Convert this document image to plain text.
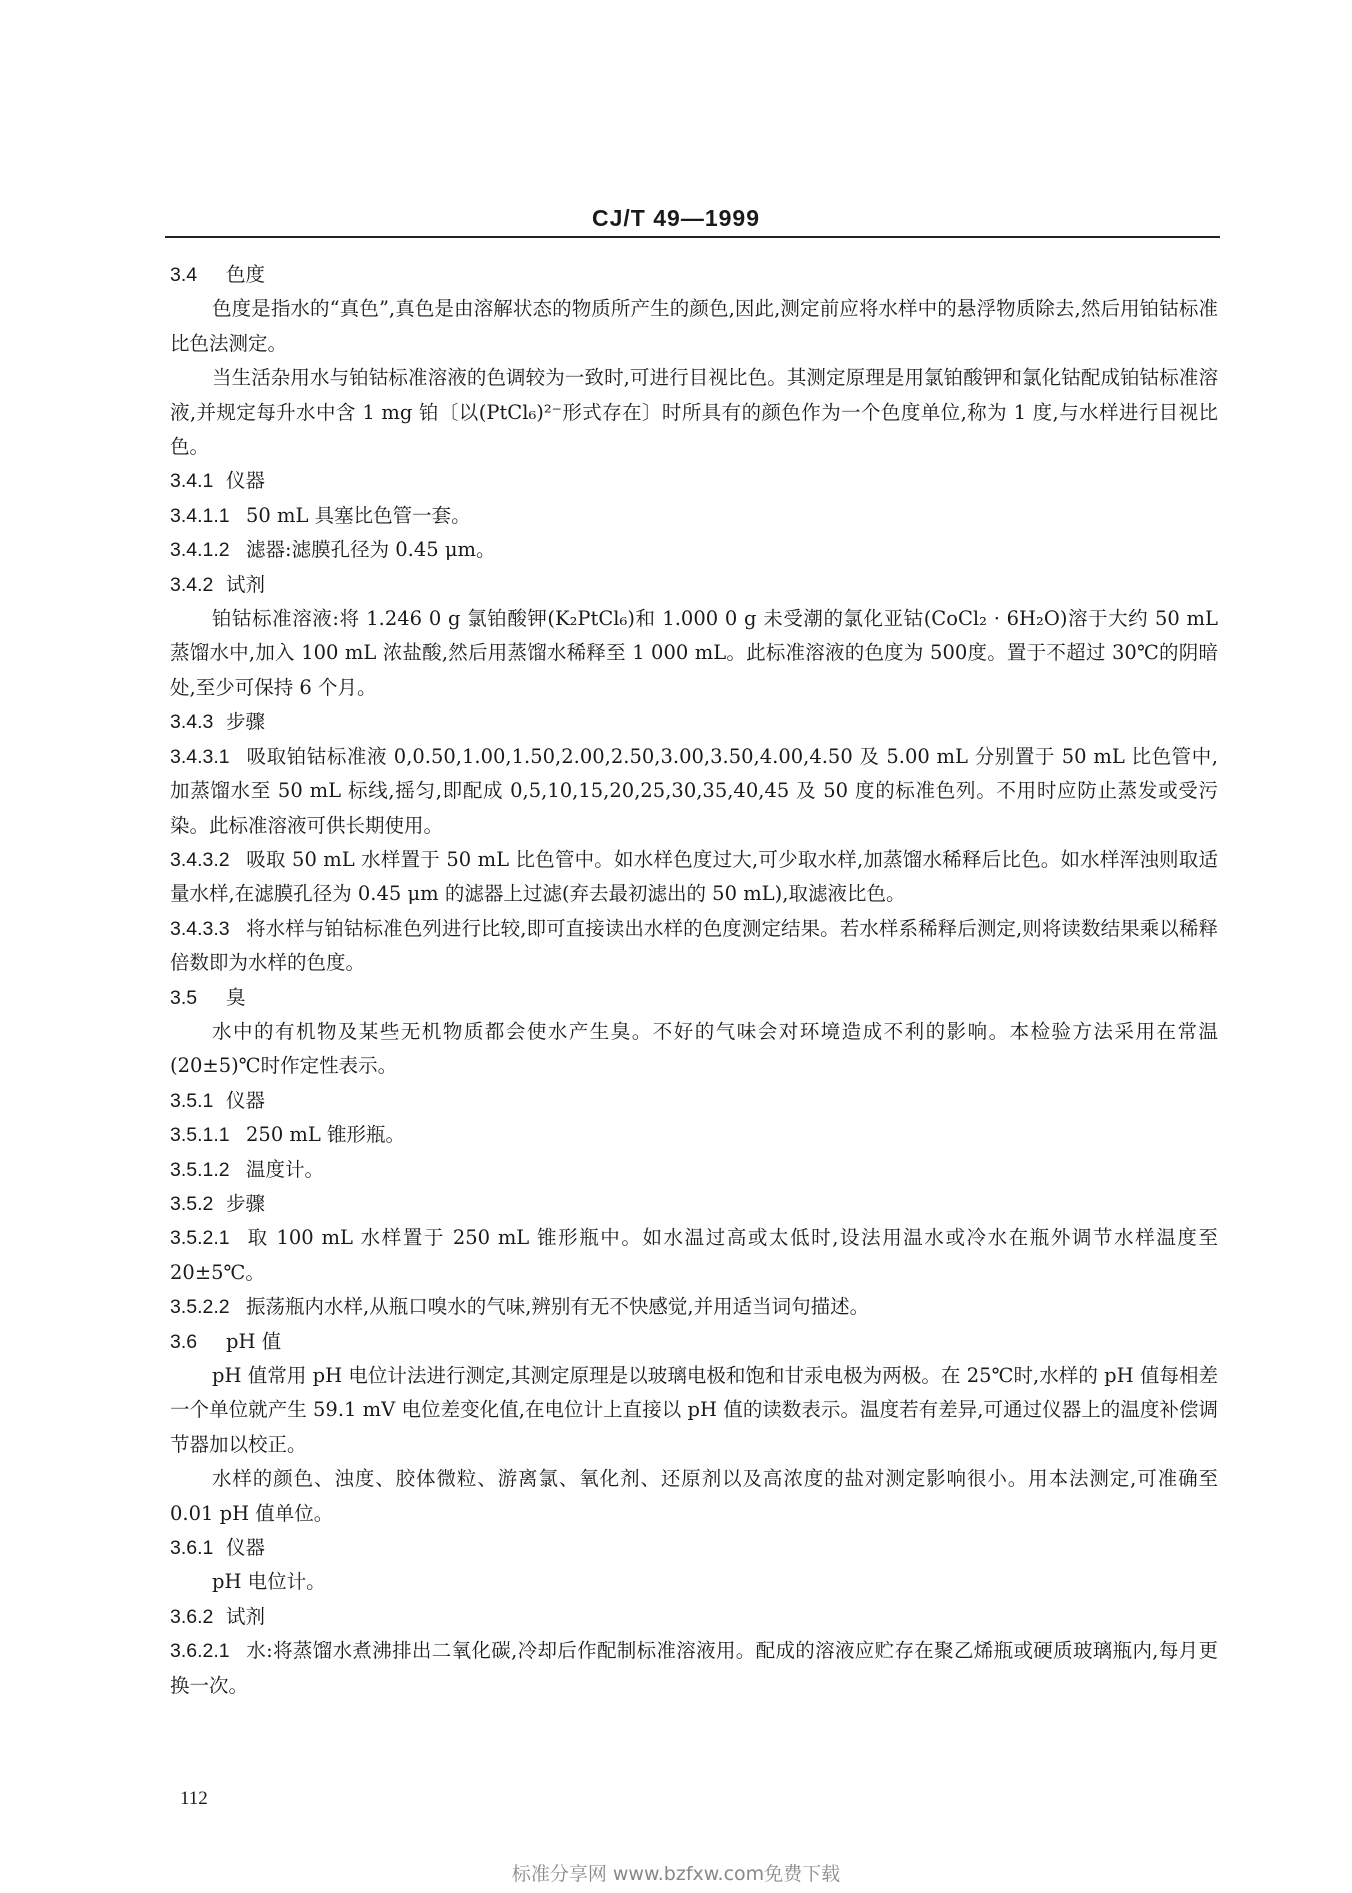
CJ/T 49—1999

3.4 色度

色度是指水的“真色”,真色是由溶解状态的物质所产生的颜色,因此,测定前应将水样中的悬浮物质除去,然后用铂钴标准比色法测定。

当生活杂用水与铂钴标准溶液的色调较为一致时,可进行目视比色。其测定原理是用氯铂酸钾和氯化钴配成铂钴标准溶液,并规定每升水中含 1 mg 铂〔以(PtCl₆)²⁻形式存在〕时所具有的颜色作为一个色度单位,称为 1 度,与水样进行目视比色。

3.4.1 仪器

3.4.1.1 50 mL 具塞比色管一套。

3.4.1.2 滤器:滤膜孔径为 0.45 μm。

3.4.2 试剂

铂钴标准溶液:将 1.246 0 g 氯铂酸钾(K₂PtCl₆)和 1.000 0 g 未受潮的氯化亚钴(CoCl₂ · 6H₂O)溶于大约 50 mL 蒸馏水中,加入 100 mL 浓盐酸,然后用蒸馏水稀释至 1 000 mL。此标准溶液的色度为 500度。置于不超过 30℃的阴暗处,至少可保持 6 个月。

3.4.3 步骤

3.4.3.1 吸取铂钴标准液 0,0.50,1.00,1.50,2.00,2.50,3.00,3.50,4.00,4.50 及 5.00 mL 分别置于 50 mL 比色管中,加蒸馏水至 50 mL 标线,摇匀,即配成 0,5,10,15,20,25,30,35,40,45 及 50 度的标准色列。不用时应防止蒸发或受污染。此标准溶液可供长期使用。

3.4.3.2 吸取 50 mL 水样置于 50 mL 比色管中。如水样色度过大,可少取水样,加蒸馏水稀释后比色。如水样浑浊则取适量水样,在滤膜孔径为 0.45 μm 的滤器上过滤(弃去最初滤出的 50 mL),取滤液比色。

3.4.3.3 将水样与铂钴标准色列进行比较,即可直接读出水样的色度测定结果。若水样系稀释后测定,则将读数结果乘以稀释倍数即为水样的色度。

3.5 臭

水中的有机物及某些无机物质都会使水产生臭。不好的气味会对环境造成不利的影响。本检验方法采用在常温(20±5)℃时作定性表示。

3.5.1 仪器

3.5.1.1 250 mL 锥形瓶。

3.5.1.2 温度计。

3.5.2 步骤

3.5.2.1 取 100 mL 水样置于 250 mL 锥形瓶中。如水温过高或太低时,设法用温水或冷水在瓶外调节水样温度至 20±5℃。

3.5.2.2 振荡瓶内水样,从瓶口嗅水的气味,辨别有无不快感觉,并用适当词句描述。

3.6 pH 值

pH 值常用 pH 电位计法进行测定,其测定原理是以玻璃电极和饱和甘汞电极为两极。在 25℃时,水样的 pH 值每相差一个单位就产生 59.1 mV 电位差变化值,在电位计上直接以 pH 值的读数表示。温度若有差异,可通过仪器上的温度补偿调节器加以校正。

水样的颜色、浊度、胶体微粒、游离氯、氧化剂、还原剂以及高浓度的盐对测定影响很小。用本法测定,可准确至 0.01 pH 值单位。

3.6.1 仪器

pH 电位计。

3.6.2 试剂

3.6.2.1 水:将蒸馏水煮沸排出二氧化碳,冷却后作配制标准溶液用。配成的溶液应贮存在聚乙烯瓶或硬质玻璃瓶内,每月更换一次。

112
标准分享网 www.bzfxw.com免费下载
